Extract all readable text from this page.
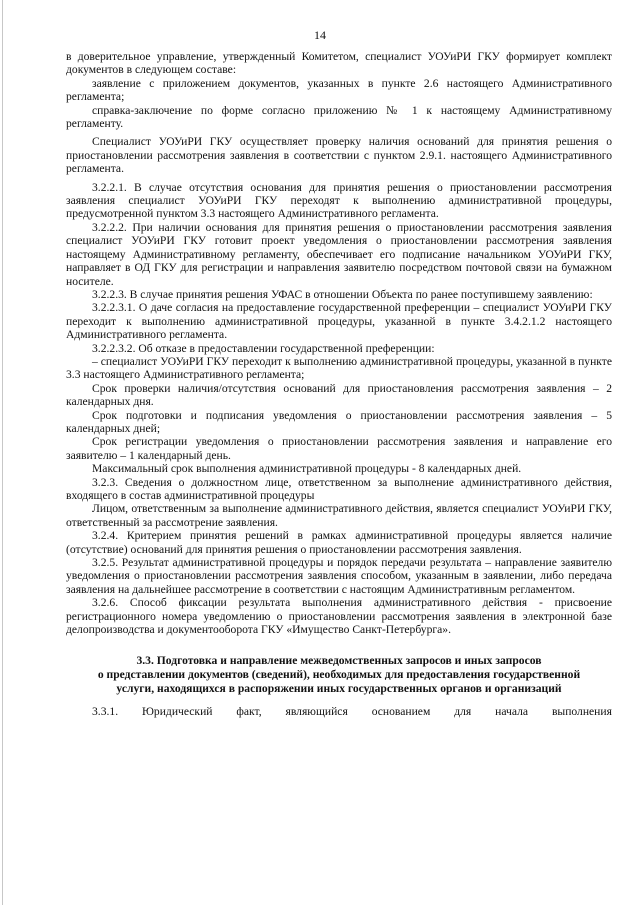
14

в доверительное управление, утвержденный Комитетом, специалист УОУиРИ ГКУ формирует комплект документов в следующем составе:

заявление с приложением документов, указанных в пункте 2.6 настоящего Административного регламента;

справка-заключение по форме согласно приложению № 1 к настоящему Административному регламенту.

Специалист УОУиРИ ГКУ осуществляет проверку наличия оснований для принятия решения о приостановлении рассмотрения заявления в соответствии с пунктом 2.9.1. настоящего Административного регламента.

3.2.2.1. В случае отсутствия основания для принятия решения о приостановлении рассмотрения заявления специалист УОУиРИ ГКУ переходят к выполнению административной процедуры, предусмотренной пунктом 3.3 настоящего Административного регламента.

3.2.2.2. При наличии основания для принятия решения о приостановлении рассмотрения заявления специалист УОУиРИ ГКУ готовит проект уведомления о приостановлении рассмотрения заявления настоящему Административному регламенту, обеспечивает его подписание начальником УОУиРИ ГКУ, направляет в ОД ГКУ для регистрации и направления заявителю посредством почтовой связи на бумажном носителе.

3.2.2.3. В случае принятия решения УФАС в отношении Объекта по ранее поступившему заявлению:

3.2.2.3.1. О даче согласия на предоставление государственной преференции – специалист УОУиРИ ГКУ переходит к выполнению административной процедуры, указанной в пункте 3.4.2.1.2 настоящего Административного регламента.

3.2.2.3.2. Об отказе в предоставлении государственной преференции:

– специалист УОУиРИ ГКУ переходит к выполнению административной процедуры, указанной в пункте 3.3 настоящего Административного регламента;

Срок проверки наличия/отсутствия оснований для приостановления рассмотрения заявления – 2 календарных дня.

Срок подготовки и подписания уведомления о приостановлении рассмотрения заявления – 5 календарных дней;

Срок регистрации уведомления о приостановлении рассмотрения заявления и направление его заявителю – 1 календарный день.

Максимальный срок выполнения административной процедуры - 8 календарных дней.

3.2.3. Сведения о должностном лице, ответственном за выполнение административного действия, входящего в состав административной процедуры

Лицом, ответственным за выполнение административного действия, является специалист УОУиРИ ГКУ, ответственный за рассмотрение заявления.

3.2.4. Критерием принятия решений в рамках административной процедуры является наличие (отсутствие) оснований для принятия решения о приостановлении рассмотрения заявления.

3.2.5. Результат административной процедуры и порядок передачи результата – направление заявителю уведомления о приостановлении рассмотрения заявления способом, указанным в заявлении, либо передача заявления на дальнейшее рассмотрение в соответствии с настоящим Административным регламентом.

3.2.6. Способ фиксации результата выполнения административного действия - присвоение регистрационного номера уведомлению о приостановлении рассмотрения заявления в электронной базе делопроизводства и документооборота ГКУ «Имущество Санкт-Петербурга».

3.3. Подготовка и направление межведомственных запросов и иных запросов
о представлении документов (сведений), необходимых для предоставления государственной
услуги, находящихся в распоряжении иных государственных органов и организаций
3.3.1. Юридический факт, являющийся основанием для начала выполнения
